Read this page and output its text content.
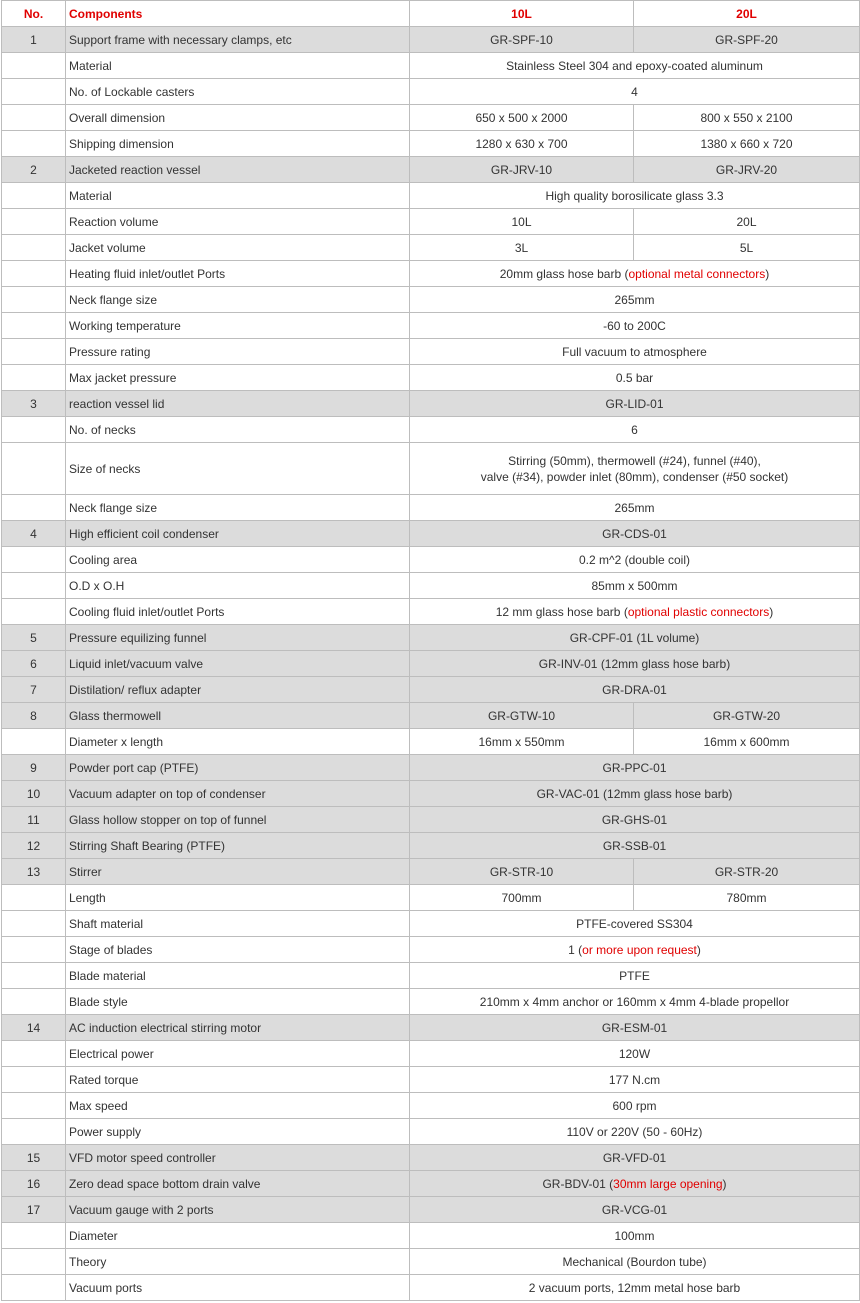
No.	Components	10L	20L
1	Support frame with necessary clamps, etc	GR-SPF-10	GR-SPF-20
	Material	Stainless Steel 304 and epoxy-coated aluminum	
	No. of Lockable casters	4	
	Overall dimension	650 x 500 x 2000	800 x 550 x 2100
	Shipping dimension	1280 x 630 x 700	1380 x 660 x 720
2	Jacketed reaction vessel	GR-JRV-10	GR-JRV-20
	Material	High quality borosilicate glass 3.3	
	Reaction volume	10L	20L
	Jacket volume	3L	5L
	Heating fluid inlet/outlet Ports	20mm glass hose barb (optional metal connectors)	
	Neck flange size	265mm	
	Working temperature	-60 to 200C	
	Pressure rating	Full vacuum to atmosphere	
	Max jacket pressure	0.5 bar	
3	reaction vessel lid	GR-LID-01	
	No. of necks	6	
	Size of necks	Stirring (50mm), thermowell (#24), funnel (#40),
valve (#34), powder inlet (80mm), condenser (#50 socket)	
	Neck flange size	265mm	
4	High efficient coil condenser	GR-CDS-01	
	Cooling area	0.2 m^2 (double coil)	
	O.D x O.H	85mm x 500mm	
	Cooling fluid inlet/outlet Ports	12 mm glass hose barb (optional plastic connectors)	
5	Pressure equilizing funnel	GR-CPF-01 (1L volume)	
6	Liquid inlet/vacuum valve	GR-INV-01 (12mm glass hose barb)	
7	Distilation/ reflux adapter	GR-DRA-01	
8	Glass thermowell	GR-GTW-10	GR-GTW-20
	Diameter x length	16mm x 550mm	16mm x 600mm
9	Powder port cap (PTFE)	GR-PPC-01	
10	Vacuum adapter on top of condenser	GR-VAC-01 (12mm glass hose barb)	
11	Glass hollow stopper on top of funnel	GR-GHS-01	
12	Stirring Shaft Bearing (PTFE)	GR-SSB-01	
13	Stirrer	GR-STR-10	GR-STR-20
	Length	700mm	780mm
	Shaft material	PTFE-covered SS304	
	Stage of blades	1 (or more upon request)	
	Blade material	PTFE	
	Blade style	210mm x 4mm anchor or 160mm x 4mm 4-blade propellor	
14	AC induction electrical stirring motor	GR-ESM-01	
	Electrical power	120W	
	Rated torque	177 N.cm	
	Max speed	600 rpm	
	Power supply	110V or 220V (50 - 60Hz)	
15	VFD motor speed controller	GR-VFD-01	
16	Zero dead space bottom drain valve	GR-BDV-01 (30mm large opening)	
17	Vacuum gauge with 2 ports	GR-VCG-01	
	Diameter	100mm	
	Theory	Mechanical (Bourdon tube)	
	Vacuum ports	2 vacuum ports, 12mm metal hose barb	
